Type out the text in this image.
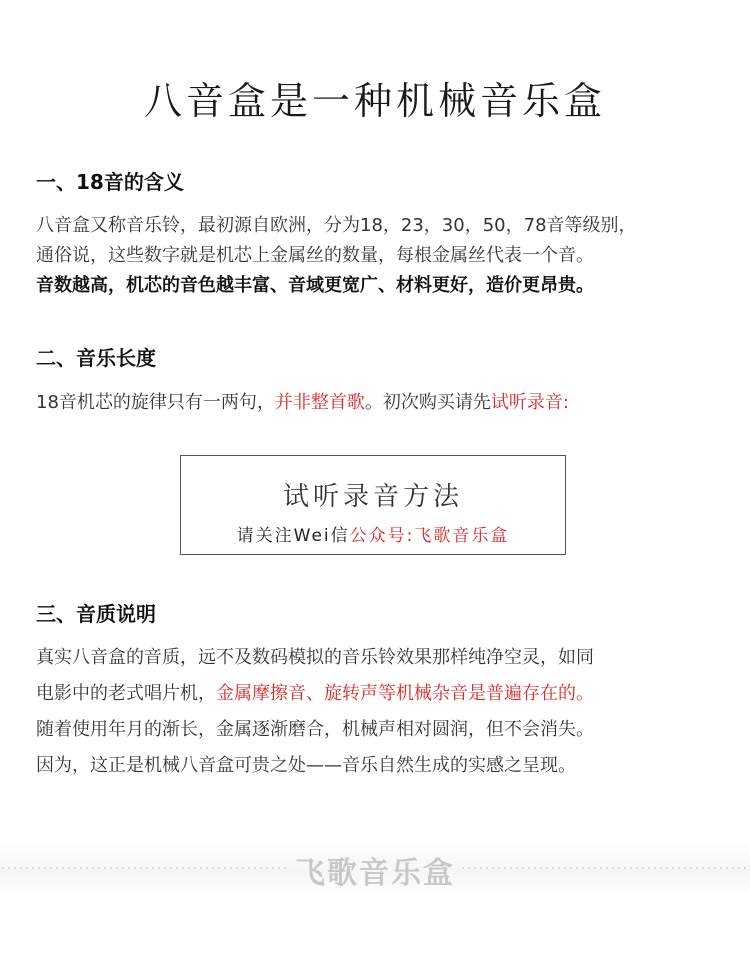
八音盒是一种机械音乐盒
一、18音的含义
八音盒又称音乐铃，最初源自欧洲，分为18，23，30，50，78音等级别，
通俗说，这些数字就是机芯上金属丝的数量，每根金属丝代表一个音。
音数越高，机芯的音色越丰富、音域更宽广、材料更好，造价更昂贵。
二、音乐长度
18音机芯的旋律只有一两句，并非整首歌。初次购买请先试听录音:
试听录音方法
请关注Wei信公众号:飞歌音乐盒
三、音质说明
真实八音盒的音质，远不及数码模拟的音乐铃效果那样纯净空灵，如同
电影中的老式唱片机，金属摩擦音、旋转声等机械杂音是普遍存在的。
随着使用年月的渐长，金属逐渐磨合，机械声相对圆润，但不会消失。
因为，这正是机械八音盒可贵之处——音乐自然生成的实感之呈现。
飞歌音乐盒
